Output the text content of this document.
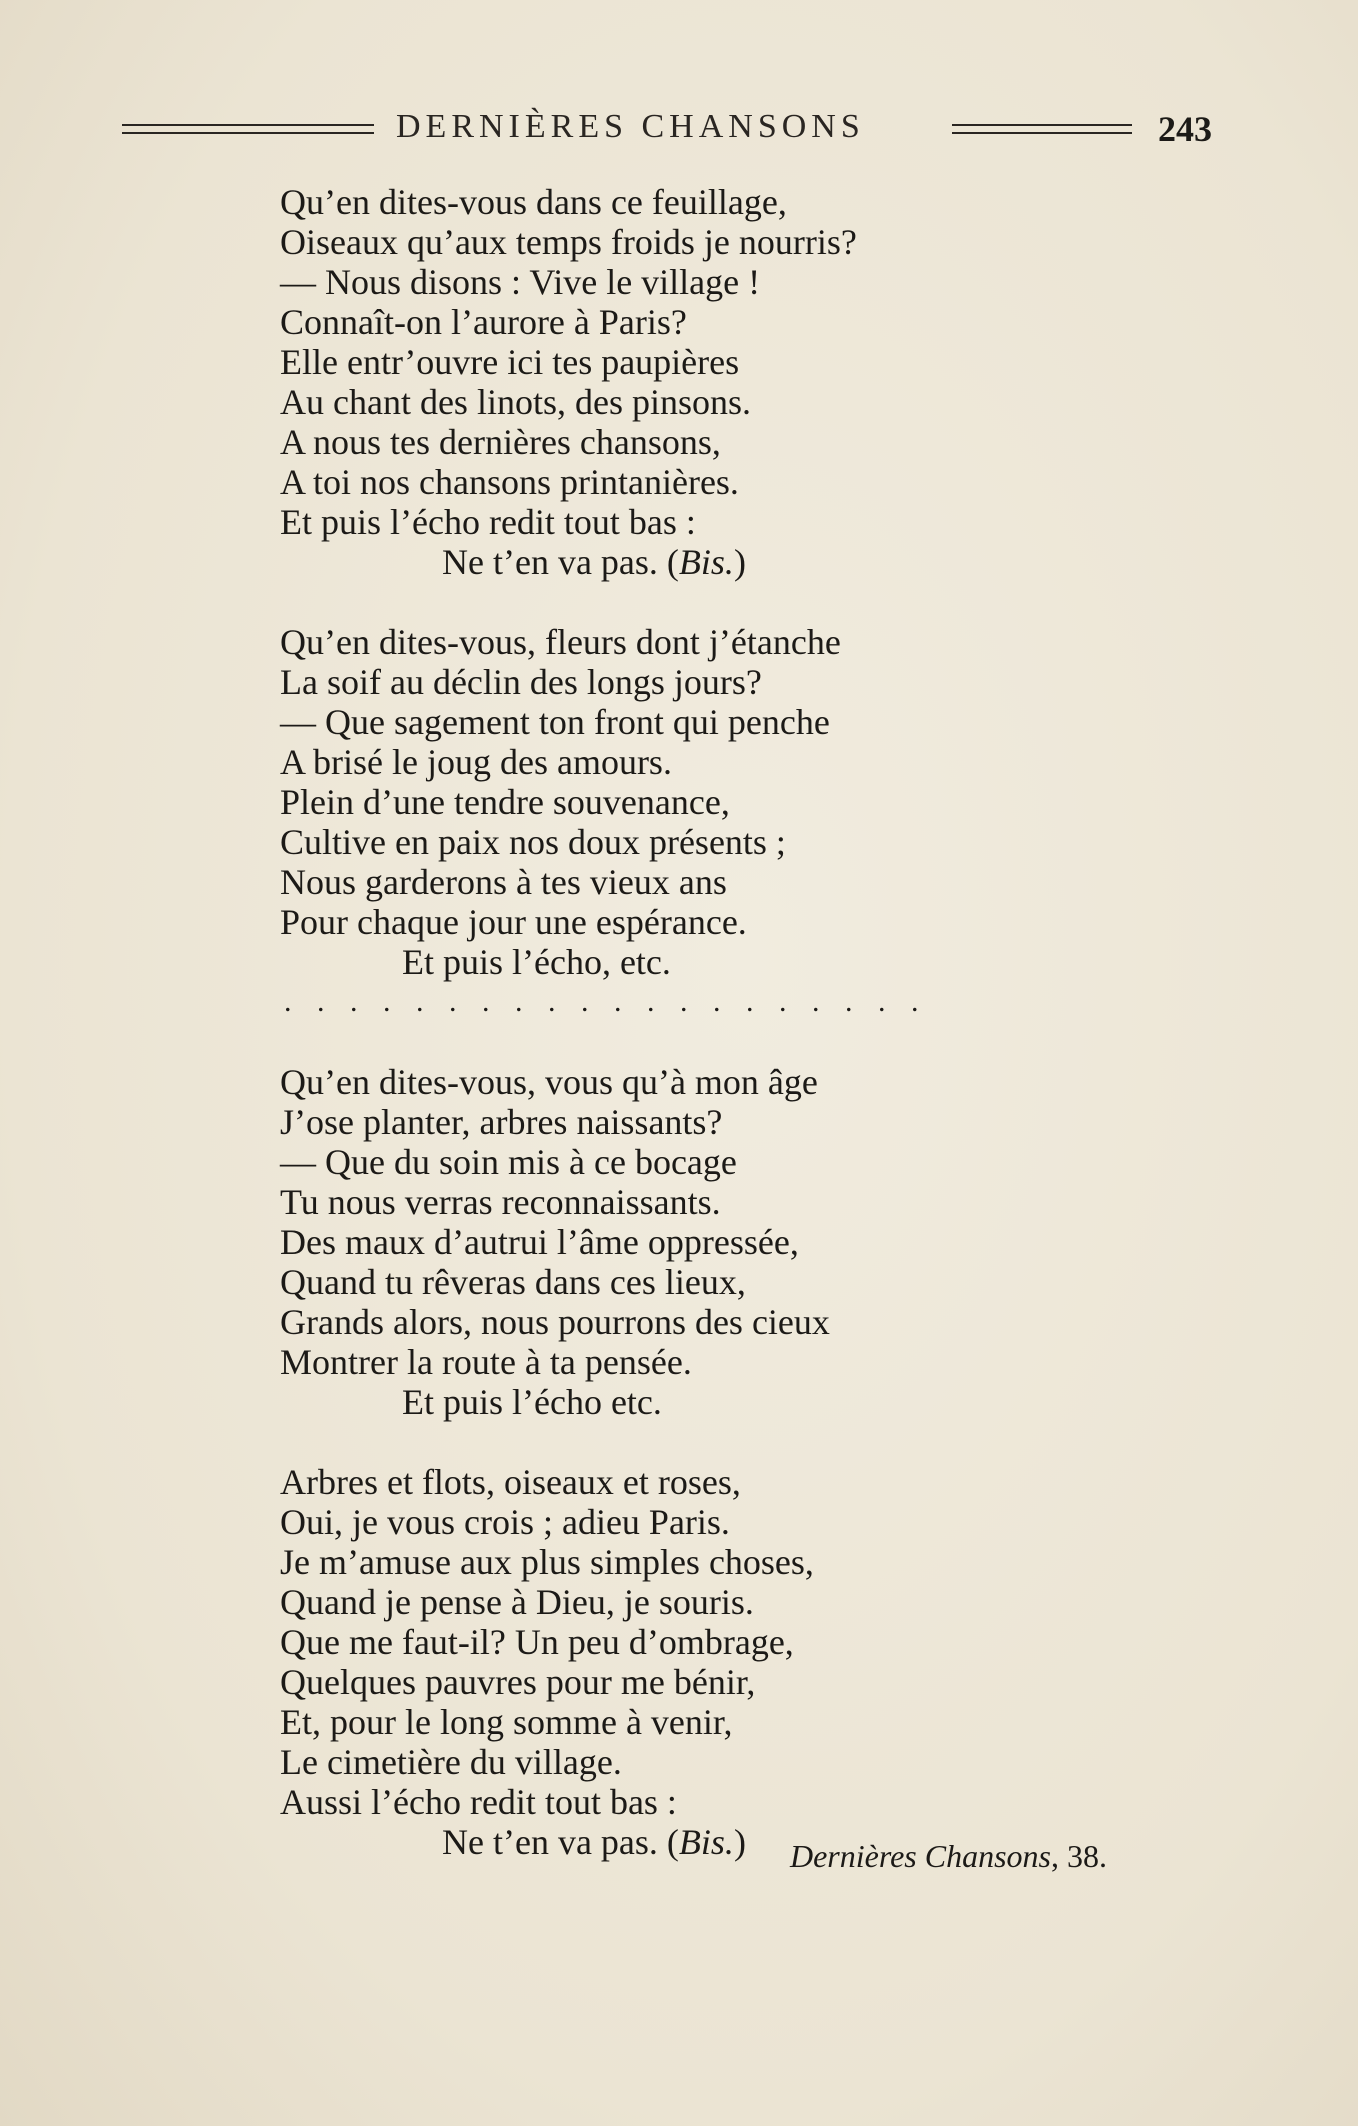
DERNIÈRES CHANSONS	243
Qu’en dites-vous dans ce feuillage,
Oiseaux qu’aux temps froids je nourris?
— Nous disons : Vive le village !
Connaît-on l’aurore à Paris?
Elle entr’ouvre ici tes paupières
Au chant des linots, des pinsons.
A nous tes dernières chansons,
A toi nos chansons printanières.
Et puis l’écho redit tout bas :
Ne t’en va pas. (Bis.)
Qu’en dites-vous, fleurs dont j’étanche
La soif au déclin des longs jours?
— Que sagement ton front qui penche
A brisé le joug des amours.
Plein d’une tendre souvenance,
Cultive en paix nos doux présents ;
Nous garderons à tes vieux ans
Pour chaque jour une espérance.
Et puis l’écho, etc.
. . . . . . . . . . . . . . . . . . . .
Qu’en dites-vous, vous qu’à mon âge
J’ose planter, arbres naissants?
— Que du soin mis à ce bocage
Tu nous verras reconnaissants.
Des maux d’autrui l’âme oppressée,
Quand tu rêveras dans ces lieux,
Grands alors, nous pourrons des cieux
Montrer la route à ta pensée.
Et puis l’écho etc.
Arbres et flots, oiseaux et roses,
Oui, je vous crois ; adieu Paris.
Je m’amuse aux plus simples choses,
Quand je pense à Dieu, je souris.
Que me faut-il? Un peu d’ombrage,
Quelques pauvres pour me bénir,
Et, pour le long somme à venir,
Le cimetière du village.
Aussi l’écho redit tout bas :
Ne t’en va pas. (Bis.)	Dernières Chansons, 38.
